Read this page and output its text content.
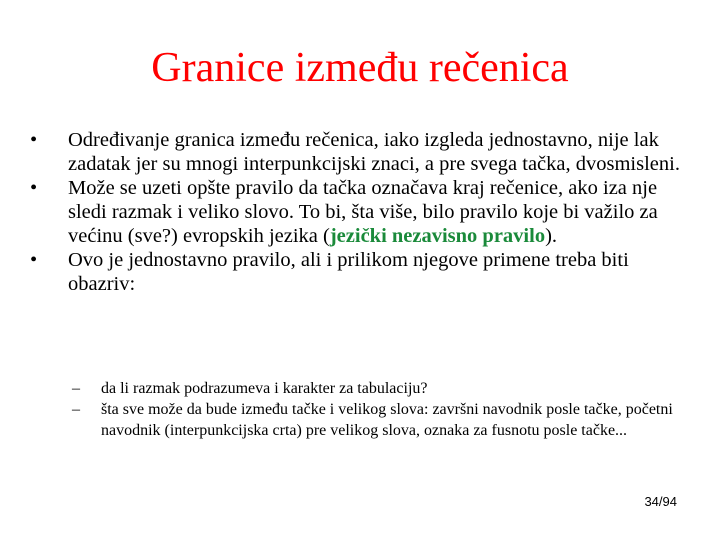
Granice između rečenica
•	Određivanje granica između rečenica, iako izgleda jednostavno, nije lak zadatak jer su mnogi interpunkcijski znaci, a pre svega tačka, dvosmisleni.
•	Može se uzeti opšte pravilo da tačka označava kraj rečenice, ako iza nje sledi razmak i veliko slovo. To bi, šta više, bilo pravilo koje bi važilo za većinu (sve?) evropskih jezika (jezički nezavisno pravilo).
•	Ovo je jednostavno pravilo, ali i prilikom njegove primene treba biti obazriv:
– da li razmak podrazumeva i karakter za tabulaciju?
– šta sve može da bude između tačke i velikog slova: završni navodnik posle tačke, početni navodnik (interpunkcijska crta) pre velikog slova, oznaka za fusnotu posle tačke...
34/94
